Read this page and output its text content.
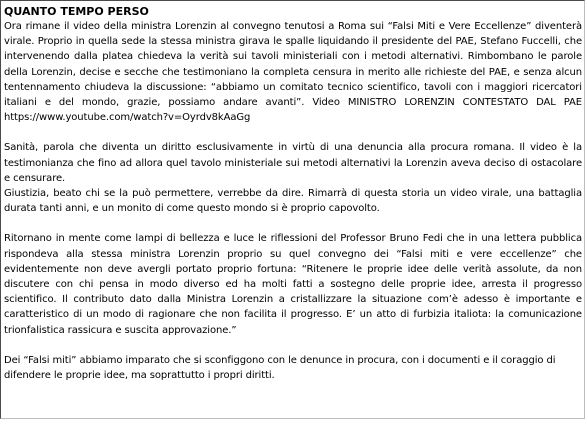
QUANTO TEMPO PERSO

Ora rimane il video della ministra Lorenzin al convegno tenutosi a Roma sui “Falsi Miti e Vere Eccellenze” diventerà virale. Proprio in quella sede la stessa ministra girava le spalle liquidando il presidente del PAE, Stefano Fuccelli, che intervenendo dalla platea chiedeva la verità sui tavoli ministeriali con i metodi alternativi. Rimbombano le parole della Lorenzin, decise e secche che testimoniano la completa censura in merito alle richieste del PAE, e senza alcun tentennamento chiudeva la discussione: “abbiamo un comitato tecnico scientifico, tavoli con i maggiori ricercatori italiani e del mondo, grazie, possiamo andare avanti”. Video MINISTRO LORENZIN CONTESTATO DAL PAE https://www.youtube.com/watch?v=Oyrdv8kAaGg

Sanità, parola che diventa un diritto esclusivamente in virtù di una denuncia alla procura romana. Il video è la testimonianza che fino ad allora quel tavolo ministeriale sui metodi alternativi la Lorenzin aveva deciso di ostacolare e censurare.

Giustizia, beato chi se la può permettere, verrebbe da dire. Rimarrà di questa storia un video virale, una battaglia durata tanti anni, e un monito di come questo mondo si è proprio capovolto.

Ritornano in mente come lampi di bellezza e luce le riflessioni del Professor Bruno Fedi che in una lettera pubblica rispondeva alla stessa ministra Lorenzin proprio su quel convegno dei “Falsi miti e vere eccellenze” che evidentemente non deve avergli portato proprio fortuna: “Ritenere le proprie idee delle verità assolute, da non discutere con chi pensa in modo diverso ed ha molti fatti a sostegno delle proprie idee, arresta il progresso scientifico. Il contributo dato dalla Ministra Lorenzin a cristallizzare la situazione com’è adesso è importante e caratteristico di un modo di ragionare che non facilita il progresso. E’ un atto di furbizia italiota: la comunicazione trionfalistica rassicura e suscita approvazione.”

Dei “Falsi miti” abbiamo imparato che si sconfiggono con le denunce in procura, con i documenti e il coraggio di difendere le proprie idee, ma soprattutto i propri diritti.
